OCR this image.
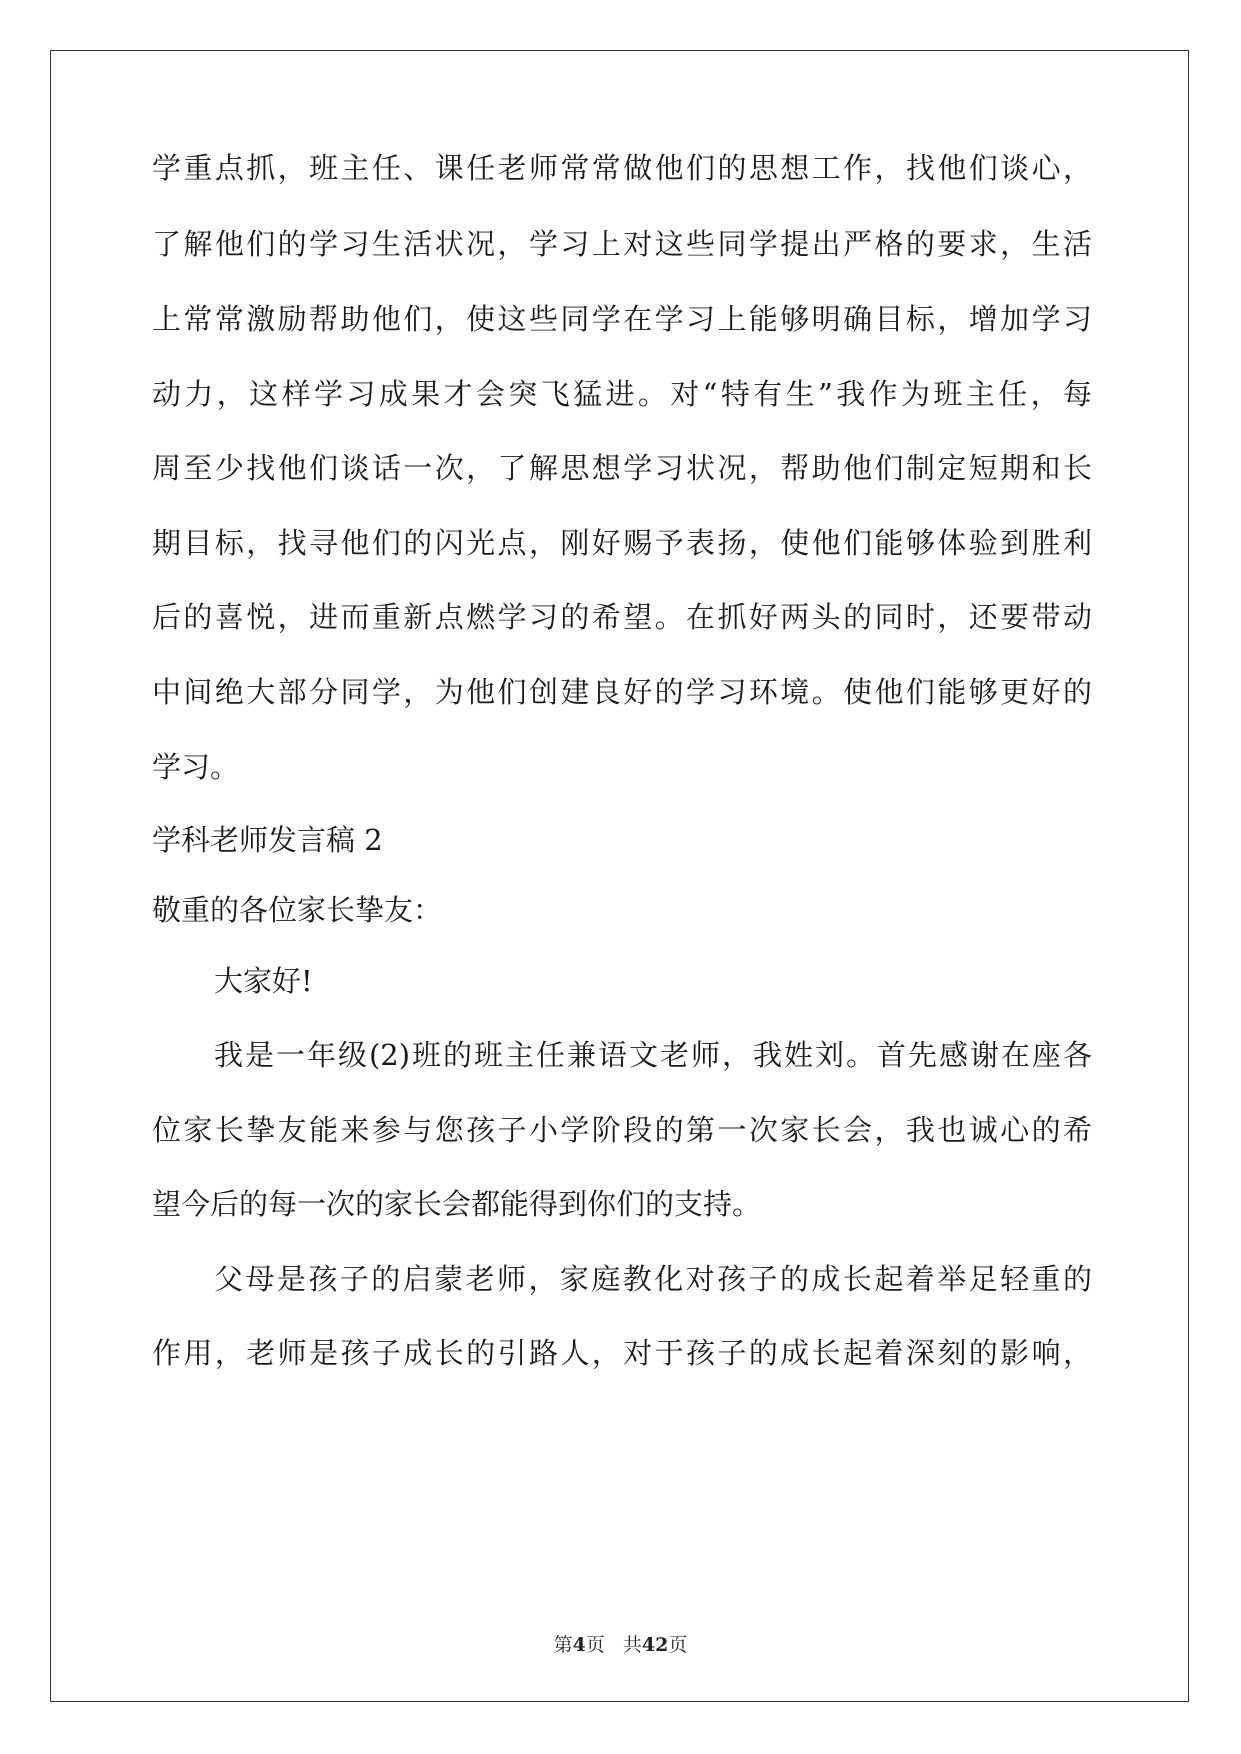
学重点抓，班主任、课任老师常常做他们的思想工作，找他们谈心，
了解他们的学习生活状况，学习上对这些同学提出严格的要求，生活
上常常激励帮助他们，使这些同学在学习上能够明确目标，增加学习
动力，这样学习成果才会突飞猛进。对“特有生”我作为班主任，每
周至少找他们谈话一次，了解思想学习状况，帮助他们制定短期和长
期目标，找寻他们的闪光点，刚好赐予表扬，使他们能够体验到胜利
后的喜悦，进而重新点燃学习的希望。在抓好两头的同时，还要带动
中间绝大部分同学，为他们创建良好的学习环境。使他们能够更好的
学习。
学科老师发言稿 2
敬重的各位家长挚友：
大家好!
我是一年级(2)班的班主任兼语文老师，我姓刘。首先感谢在座各
位家长挚友能来参与您孩子小学阶段的第一次家长会，我也诚心的希
望今后的每一次的家长会都能得到你们的支持。
父母是孩子的启蒙老师，家庭教化对孩子的成长起着举足轻重的
作用，老师是孩子成长的引路人，对于孩子的成长起着深刻的影响，
第4页 共42页
